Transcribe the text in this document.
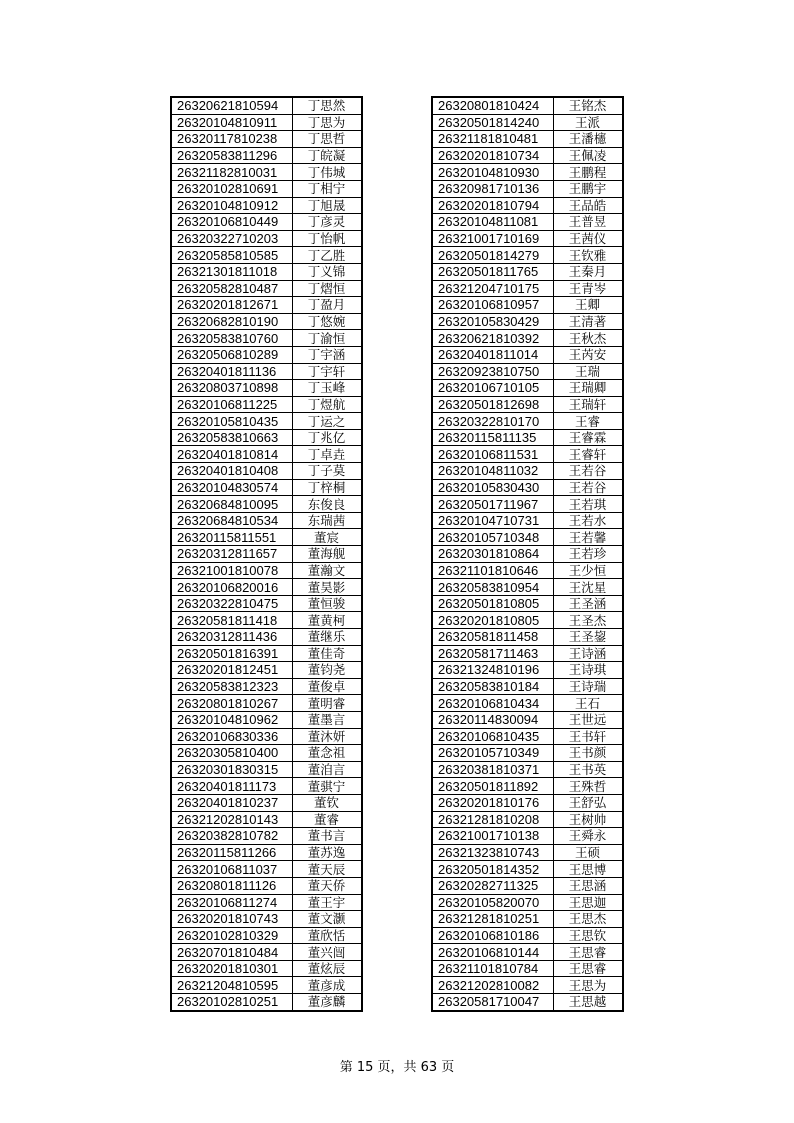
26320621810594	丁思然
26320104810911	丁思为
26320117810238	丁思哲
26320583811296	丁皖凝
26321182810031	丁伟城
26320102810691	丁相宁
26320104810912	丁旭晟
26320106810449	丁彦灵
26320322710203	丁怡帆
26320585810585	丁乙胜
26321301811018	丁义锦
26320582810487	丁熠恒
26320201812671	丁盈月
26320682810190	丁悠婉
26320583810760	丁渝恒
26320506810289	丁宇涵
26320401811136	丁宇轩
26320803710898	丁玉峰
26320106811225	丁煜航
26320105810435	丁运之
26320583810663	丁兆亿
26320401810814	丁卓垚
26320401810408	丁子莫
26320104830574	丁梓桐
26320684810095	东俊良
26320684810534	东瑞茜
26320115811551	董宸
26320312811657	董海舰
26321001810078	董瀚文
26320106820016	董昊影
26320322810475	董恒骏
26320581811418	董黄柯
26320312811436	董继乐
26320501816391	董佳奇
26320201812451	董钧尧
26320583812323	董俊卓
26320801810267	董明睿
26320104810962	董墨言
26320106830336	董沐妍
26320305810400	董念祖
26320301830315	董洎言
26320401811173	董骐宁
26320401810237	董钦
26321202810143	董睿
26320382810782	董书言
26320115811266	董苏逸
26320106811037	董天辰
26320801811126	董天侨
26320106811274	董王宇
26320201810743	董文灏
26320102810329	董欣恬
26320701810484	董兴闿
26320201810301	董炫辰
26321204810595	董彦成
26320102810251	董彦麟
26320801810424	王铭杰
26320501814240	王派
26321181810481	王潘櫶
26320201810734	王佩凌
26320104810930	王鹏程
26320981710136	王鹏宇
26320201810794	王品皓
26320104811081	王普昱
26321001710169	王茜仪
26320501814279	王钦雅
26320501811765	王秦月
26321204710175	王青岑
26320106810957	王卿
26320105830429	王清著
26320621810392	王秋杰
26320401811014	王芮安
26320923810750	王瑞
26320106710105	王瑞卿
26320501812698	王瑞轩
26320322810170	王睿
26320115811135	王睿霖
26320106811531	王睿轩
26320104811032	王若谷
26320105830430	王若谷
26320501711967	王若琪
26320104710731	王若水
26320105710348	王若馨
26320301810864	王若珍
26321101810646	王少恒
26320583810954	王沈星
26320501810805	王圣涵
26320201810805	王圣杰
26320581811458	王圣鋆
26320581711463	王诗涵
26321324810196	王诗琪
26320583810184	王诗瑞
26320106810434	王石
26320114830094	王世远
26320106810435	王书轩
26320105710349	王书颜
26320381810371	王书英
26320501811892	王殊哲
26320201810176	王舒弘
26321281810208	王树帅
26321001710138	王舜永
26321323810743	王硕
26320501814352	王思博
26320282711325	王思涵
26320105820070	王思迦
26321281810251	王思杰
26320106810186	王思钦
26320106810144	王思睿
26321101810784	王思睿
26321202810082	王思为
26320581710047	王思越
第 15 页，共 63 页
